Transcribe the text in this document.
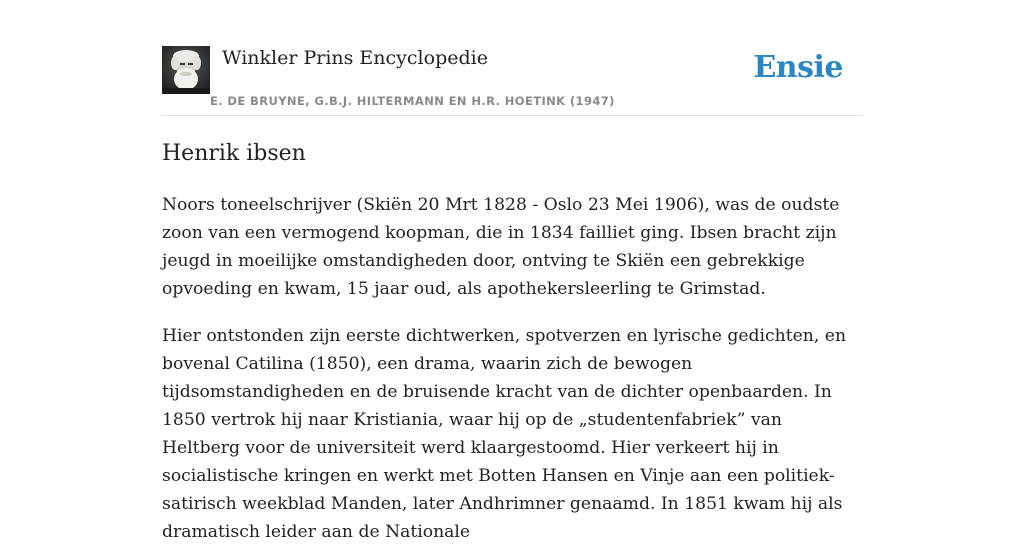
Winkler Prins Encyclopedie
E. DE BRUYNE, G.B.J. HILTERMANN EN H.R. HOETINK (1947)
Ensie
Henrik ibsen

Noors toneelschrijver (Skiën 20 Mrt 1828 - Oslo 23 Mei 1906), was de oudste zoon van een vermogend koopman, die in 1834 failliet ging. Ibsen bracht zijn jeugd in moeilijke omstandigheden door, ontving te Skiën een gebrekkige opvoeding en kwam, 15 jaar oud, als apothekersleerling te Grimstad.

Hier ontstonden zijn eerste dichtwerken, spotverzen en lyrische gedichten, en bovenal Catilina (1850), een drama, waarin zich de bewogen tijdsomstandigheden en de bruisende kracht van de dichter openbaarden. In 1850 vertrok hij naar Kristiania, waar hij op de „studentenfabriek” van Heltberg voor de universiteit werd klaargestoomd. Hier verkeert hij in socialistische kringen en werkt met Botten Hansen en Vinje aan een politiek-satirisch weekblad Manden, later Andhrimner genaamd. In 1851 kwam hij als dramatisch leider aan de Nationale
